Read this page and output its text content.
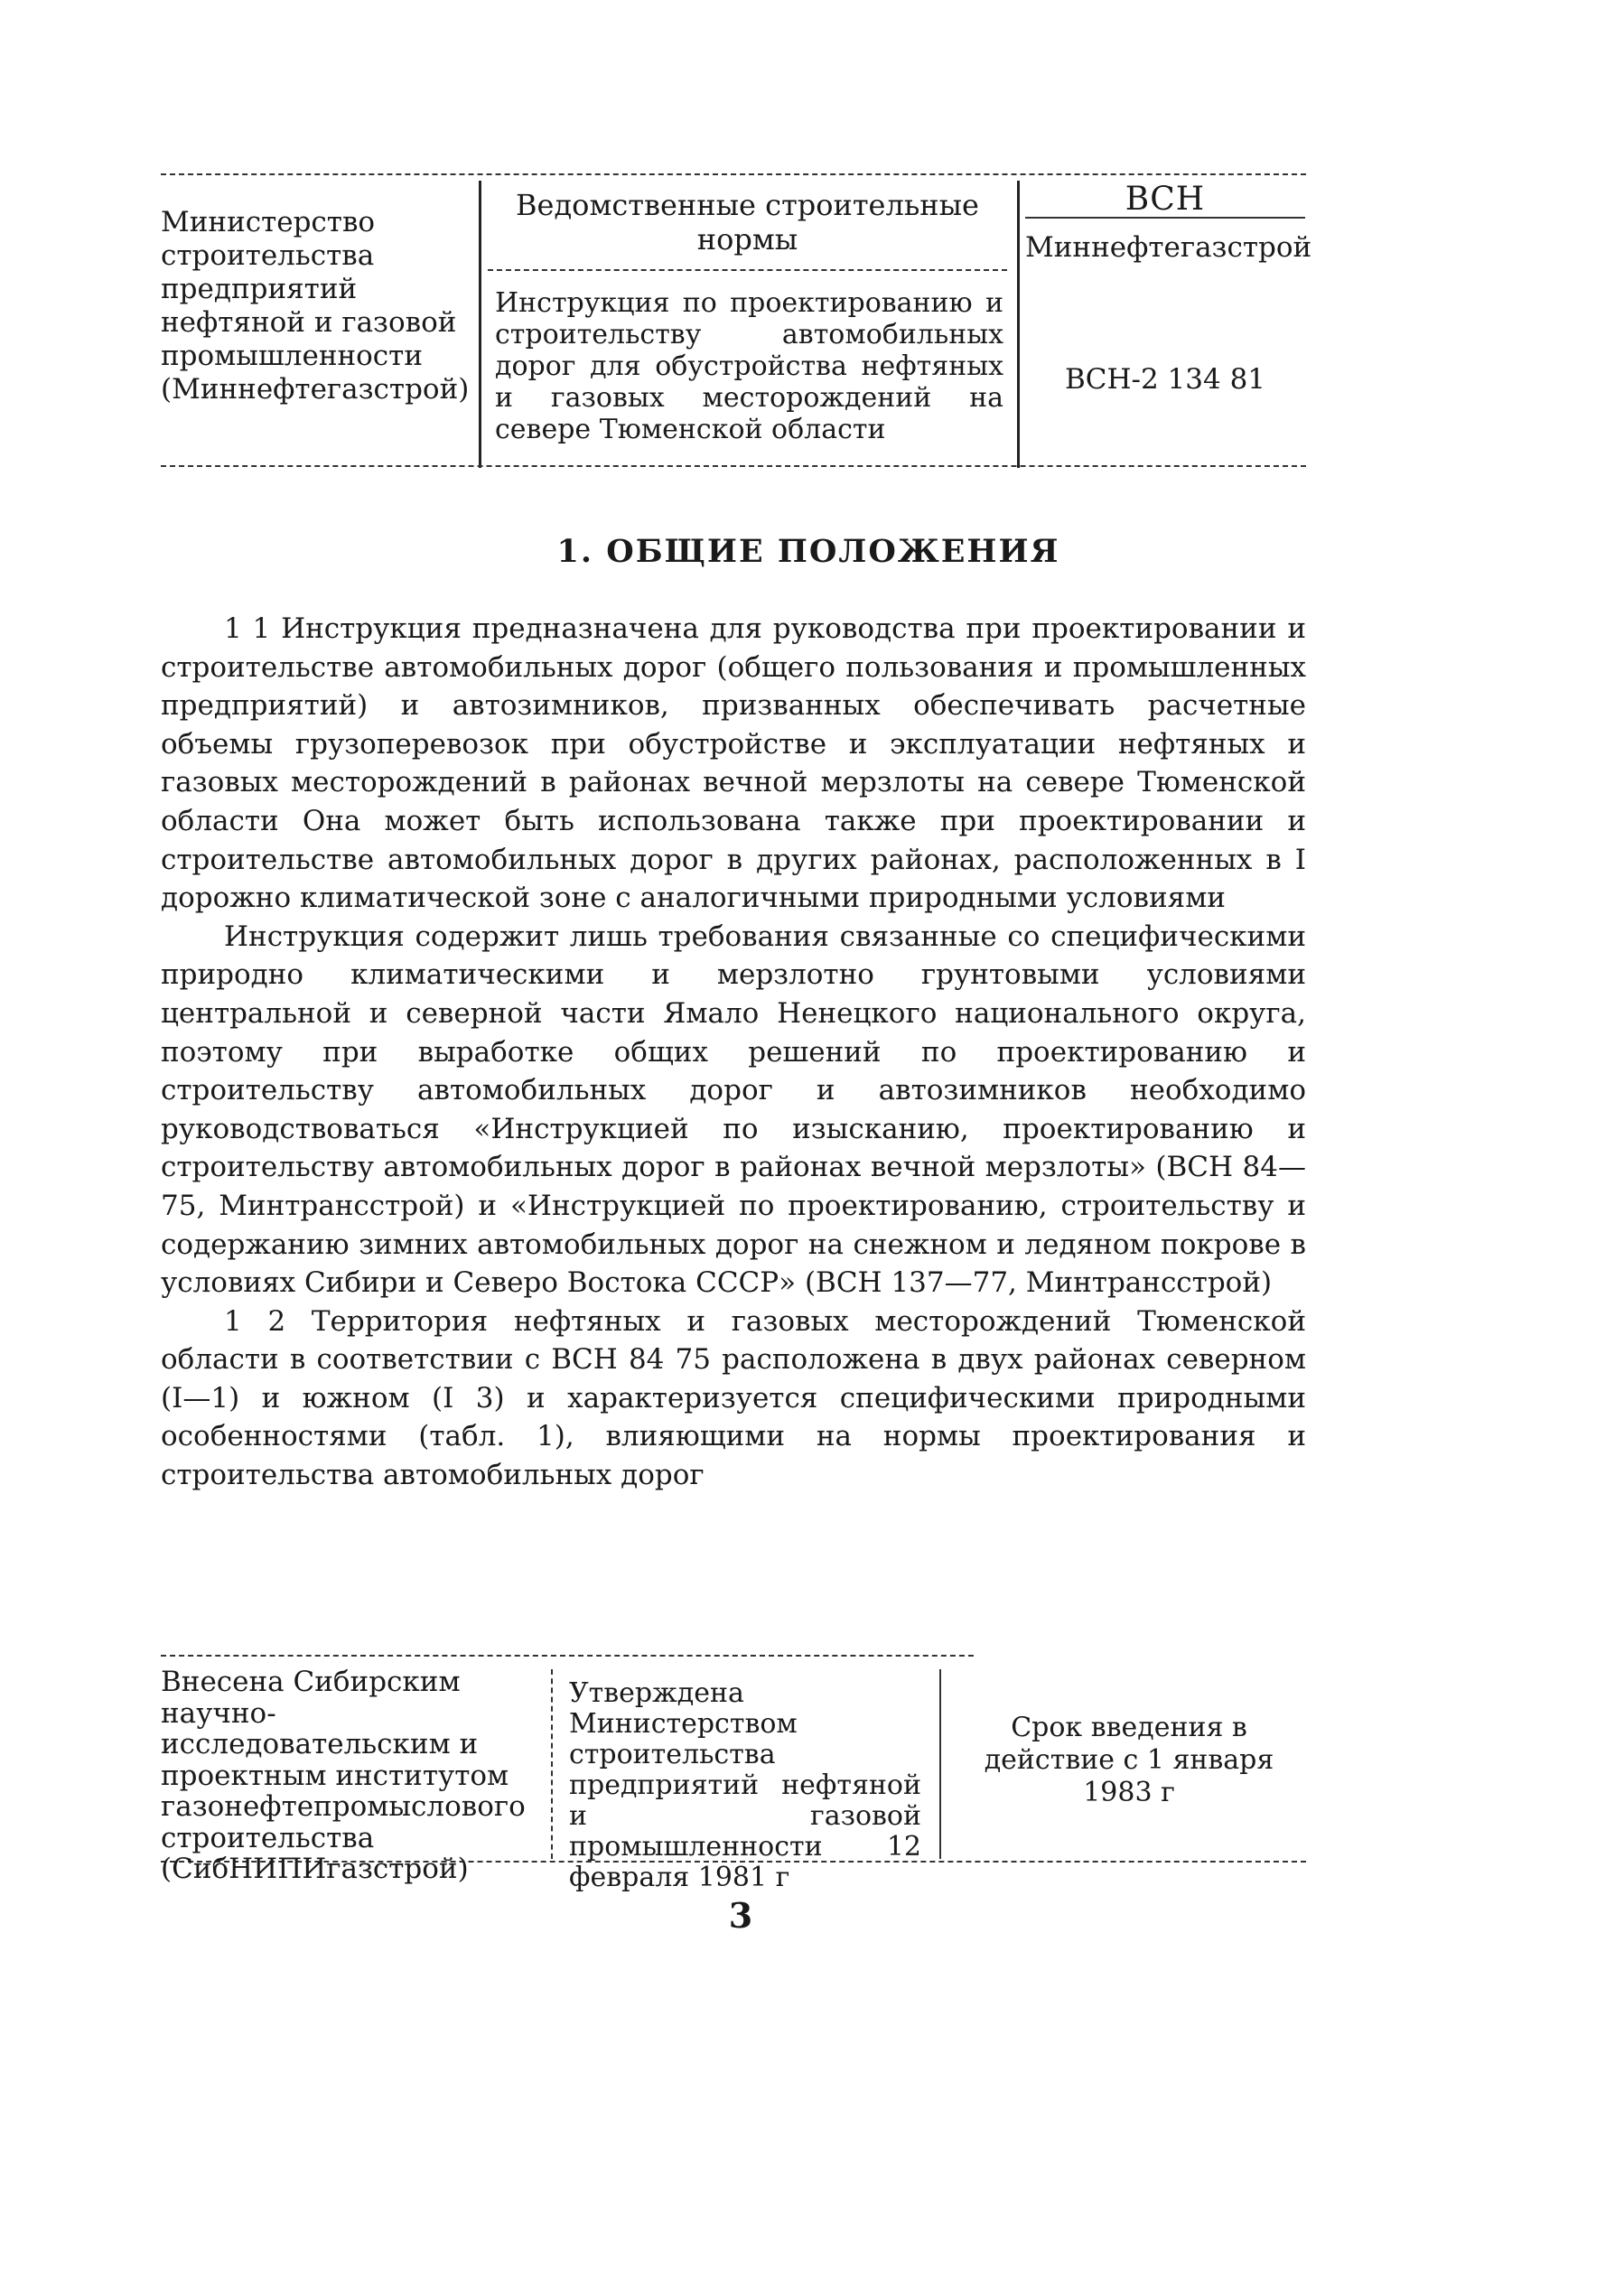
Министерство строительства предприятий нефтяной и газовой промышленности (Миннефтегазстрой)
Ведомственные строительные нормы
Инструкция по проектированию и строительству автомобильных дорог для обустройства нефтяных и газовых месторождений на севере Тюменской области
ВСН
Миннефтегазстрой
ВСН-2 134 81
1. ОБЩИЕ ПОЛОЖЕНИЯ

1 1 Инструкция предназначена для руководства при проектировании и строительстве автомобильных дорог (общего пользования и промышленных предприятий) и автозимников, призванных обеспечивать расчетные объемы грузоперевозок при обустройстве и эксплуатации нефтяных и газовых месторождений в районах вечной мерзлоты на севере Тюменской области Она может быть использована также при проектировании и строительстве автомобильных дорог в других районах, расположенных в I дорожно климатической зоне с аналогичными природными условиями

Инструкция содержит лишь требования связанные со специфическими природно климатическими и мерзлотно грунтовыми условиями центральной и северной части Ямало Ненецкого национального округа, поэтому при выработке общих решений по проектированию и строительству автомобильных дорог и автозимников необходимо руководствоваться «Инструкцией по изысканию, проектированию и строительству автомобильных дорог в районах вечной мерзлоты» (ВСН 84—75, Минтрансстрой) и «Инструкцией по проектированию, строительству и содержанию зимних автомобильных дорог на снежном и ледяном покрове в условиях Сибири и Северо Востока СССР» (ВСН 137—77, Минтрансстрой)

1 2 Территория нефтяных и газовых месторождений Тюменской области в соответствии с ВСН 84 75 расположена в двух районах северном (I—1) и южном (I 3) и характеризуется специфическими природными особенностями (табл. 1), влияющими на нормы проектирования и строительства автомобильных дорог

Внесена Сибирским научно-исследовательским и проектным институтом газонефтепромыслового строительства (СибНИПИгазстрой)
Утверждена Министерством строительства предприятий нефтяной и газовой промышленности 12 февраля 1981 г
Срок введения в действие с 1 января 1983 г
3
